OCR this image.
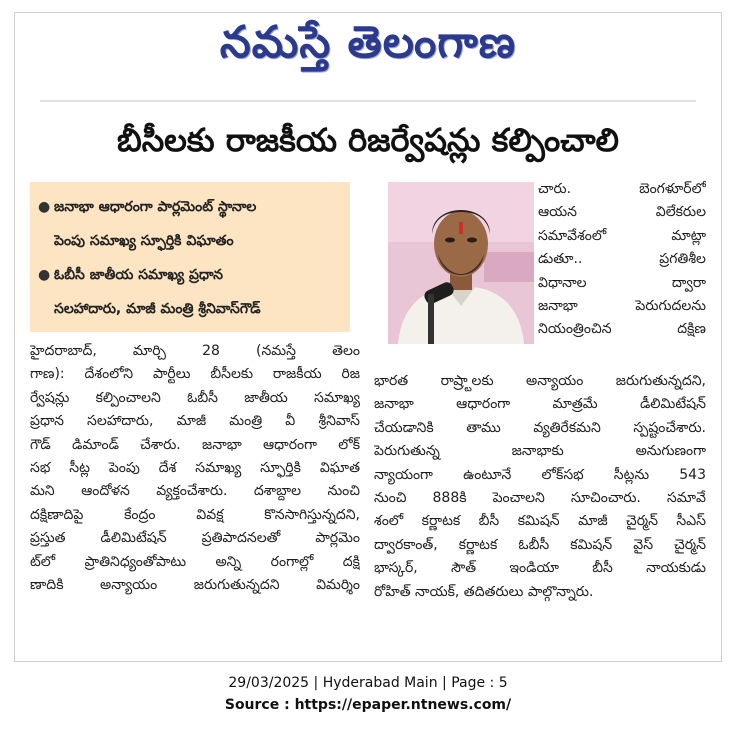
నమస్తే తెలంగాణ
బీసీలకు రాజకీయ రిజర్వేషన్లు కల్పించాలి
● జనాభా ఆధారంగా పార్లమెంట్ స్థానాల
పెంపు సమాఖ్య స్ఫూర్తికి విఘాతం
● ఓబీసీ జాతీయ సమాఖ్య ప్రధాన
సలహాదారు, మాజీ మంత్రి శ్రీనివాస్‌గౌడ్
హైదరాబాద్, మార్చి 28 (నమస్తే తెలం
గాణ): దేశంలోని పార్టీలు బీసీలకు రాజకీయ రిజ
ర్వేషన్లు కల్పించాలని ఓబీసీ జాతీయ సమాఖ్య
ప్రధాన సలహాదారు, మాజీ మంత్రి వీ శ్రీనివాస్
గౌడ్ డిమాండ్ చేశారు. జనాభా ఆధారంగా లోక్
సభ సీట్ల పెంపు దేశ సమాఖ్య స్ఫూర్తికి విఘాత
మని ఆందోళన వ్యక్తంచేశారు. దశాబ్దాల నుంచి
దక్షిణాదిపై కేంద్రం వివక్ష కొనసాగిస్తున్నదని,
ప్రస్తుత డీలిమిటేషన్ ప్రతిపాదనలతో పార్లమెం
ట్‌లో ప్రాతినిధ్యంతోపాటు అన్ని రంగాల్లో దక్షి
ణాదికి అన్యాయం జరుగుతున్నదని విమర్శిం
చారు. బెంగళూర్‌లో
ఆయన విలేకరుల
సమావేశంలో మాట్లా
డుతూ.. ప్రగతిశీల
విధానాల ద్వారా
జనాభా పెరుగుదలను
నియంత్రించిన దక్షిణ
భారత రాష్ర్టాలకు అన్యాయం జరుగుతున్నదని,
జనాభా ఆధారంగా మాత్రమే డీలిమిటేషన్
చేయడానికి తాము వ్యతిరేకమని స్పష్టంచేశారు.
పెరుగుతున్న జనాభాకు అనుగుణంగా
న్యాయంగా ఉంటూనే లోక్‌సభ సీట్లను 543
నుంచి 888కి పెంచాలని సూచించారు. సమావే
శంలో కర్ణాటక బీసీ కమిషన్ మాజీ చైర్మన్ సీఎస్
ద్వారకాంత్, కర్ణాటక ఓబీసీ కమిషన్ వైస్ చైర్మన్
భాస్కర్, సౌత్ ఇండియా బీసీ నాయకుడు
రోహిత్ నాయక్, తదితరులు పాల్గొన్నారు.
29/03/2025 | Hyderabad Main | Page : 5
Source : https://epaper.ntnews.com/
